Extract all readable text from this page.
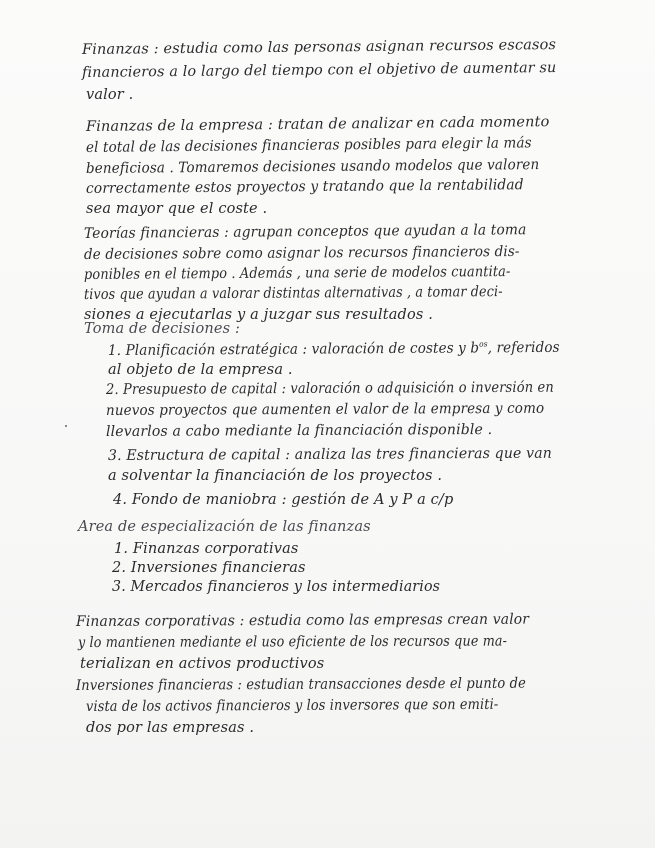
Finanzas : estudia como las personas asignan recursos escasos
financieros a lo largo del tiempo con el objetivo de aumentar su
valor .
Finanzas de la empresa : tratan de analizar en cada momento
el total de las decisiones financieras posibles para elegir la más
beneficiosa . Tomaremos decisiones usando modelos que valoren
correctamente estos proyectos y tratando que la rentabilidad
sea mayor que el coste .
Teorías financieras : agrupan conceptos que ayudan a la toma
de decisiones sobre como asignar los recursos financieros dis-
ponibles en el tiempo . Además , una serie de modelos cuantita-
tivos que ayudan a valorar distintas alternativas , a tomar deci-
siones a ejecutarlas y a juzgar sus resultados .
Toma de decisiones :
1. Planificación estratégica : valoración de costes y $b^{os}$, referidos
al objeto de la empresa .
2. Presupuesto de capital : valoración o adquisición o inversión en
nuevos proyectos que aumenten el valor de la empresa y como
llevarlos a cabo mediante la financiación disponible .
3. Estructura de capital : analiza las tres financieras que van
a solventar la financiación de los proyectos .
4. Fondo de maniobra : gestión de A y P a c/p
Area de especialización de las finanzas
1. Finanzas corporativas
2. Inversiones financieras
3. Mercados financieros y los intermediarios
Finanzas corporativas : estudia como las empresas crean valor
y lo mantienen mediante el uso eficiente de los recursos que ma-
terializan en activos productivos
Inversiones financieras : estudian transacciones desde el punto de
vista de los activos financieros y los inversores que son emiti-
dos por las empresas .
